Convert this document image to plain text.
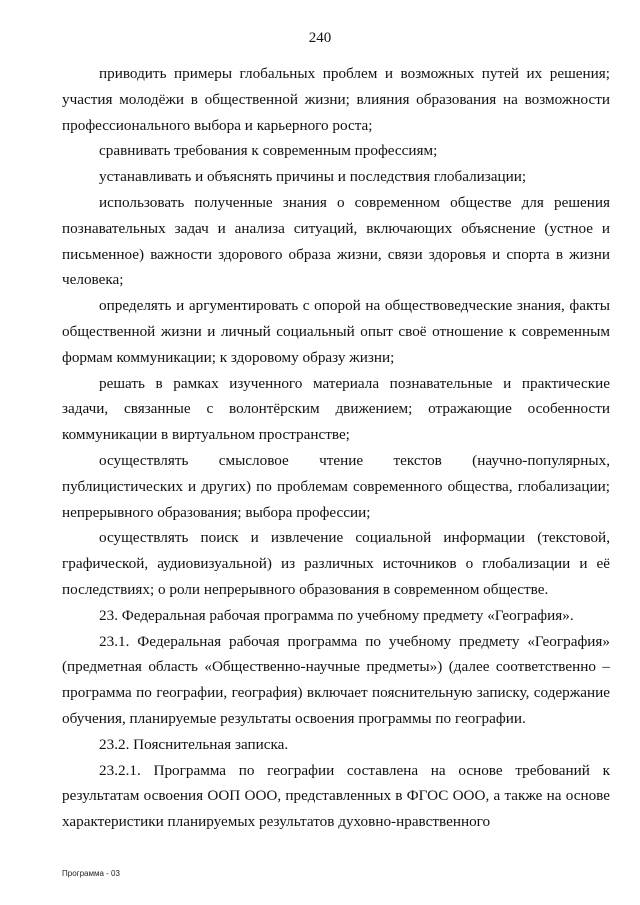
240

приводить примеры глобальных проблем и возможных путей их решения; участия молодёжи в общественной жизни; влияния образования на возможности профессионального выбора и карьерного роста;

сравнивать требования к современным профессиям;

устанавливать и объяснять причины и последствия глобализации;

использовать полученные знания о современном обществе для решения познавательных задач и анализа ситуаций, включающих объяснение (устное и письменное) важности здорового образа жизни, связи здоровья и спорта в жизни человека;

определять и аргументировать с опорой на обществоведческие знания, факты общественной жизни и личный социальный опыт своё отношение к современным формам коммуникации; к здоровому образу жизни;

решать в рамках изученного материала познавательные и практические задачи, связанные с волонтёрским движением; отражающие особенности коммуникации в виртуальном пространстве;

осуществлять смысловое чтение текстов (научно-популярных, публицистических и других) по проблемам современного общества, глобализации; непрерывного образования; выбора профессии;

осуществлять поиск и извлечение социальной информации (текстовой, графической, аудиовизуальной) из различных источников о глобализации и её последствиях; о роли непрерывного образования в современном обществе.

23. Федеральная рабочая программа по учебному предмету «География».

23.1. Федеральная рабочая программа по учебному предмету «География» (предметная область «Общественно-научные предметы») (далее соответственно – программа по географии, география) включает пояснительную записку, содержание обучения, планируемые результаты освоения программы по географии.

23.2. Пояснительная записка.

23.2.1. Программа по географии составлена на основе требований к результатам освоения ООП ООО, представленных в ФГОС ООО, а также на основе характеристики планируемых результатов духовно-нравственного

Программа - 03
